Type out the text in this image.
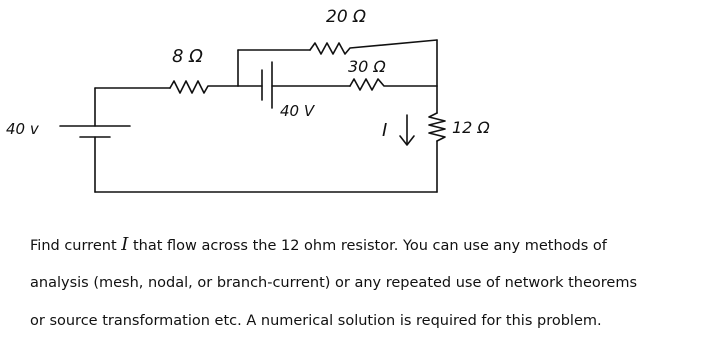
40 v
8 Ω
20 Ω
40 V
30 Ω
12 Ω
I

Find current I that flow across the 12 ohm resistor. You can use any methods of

analysis (mesh, nodal, or branch-current) or any repeated use of network theorems

or source transformation etc. A numerical solution is required for this problem.
